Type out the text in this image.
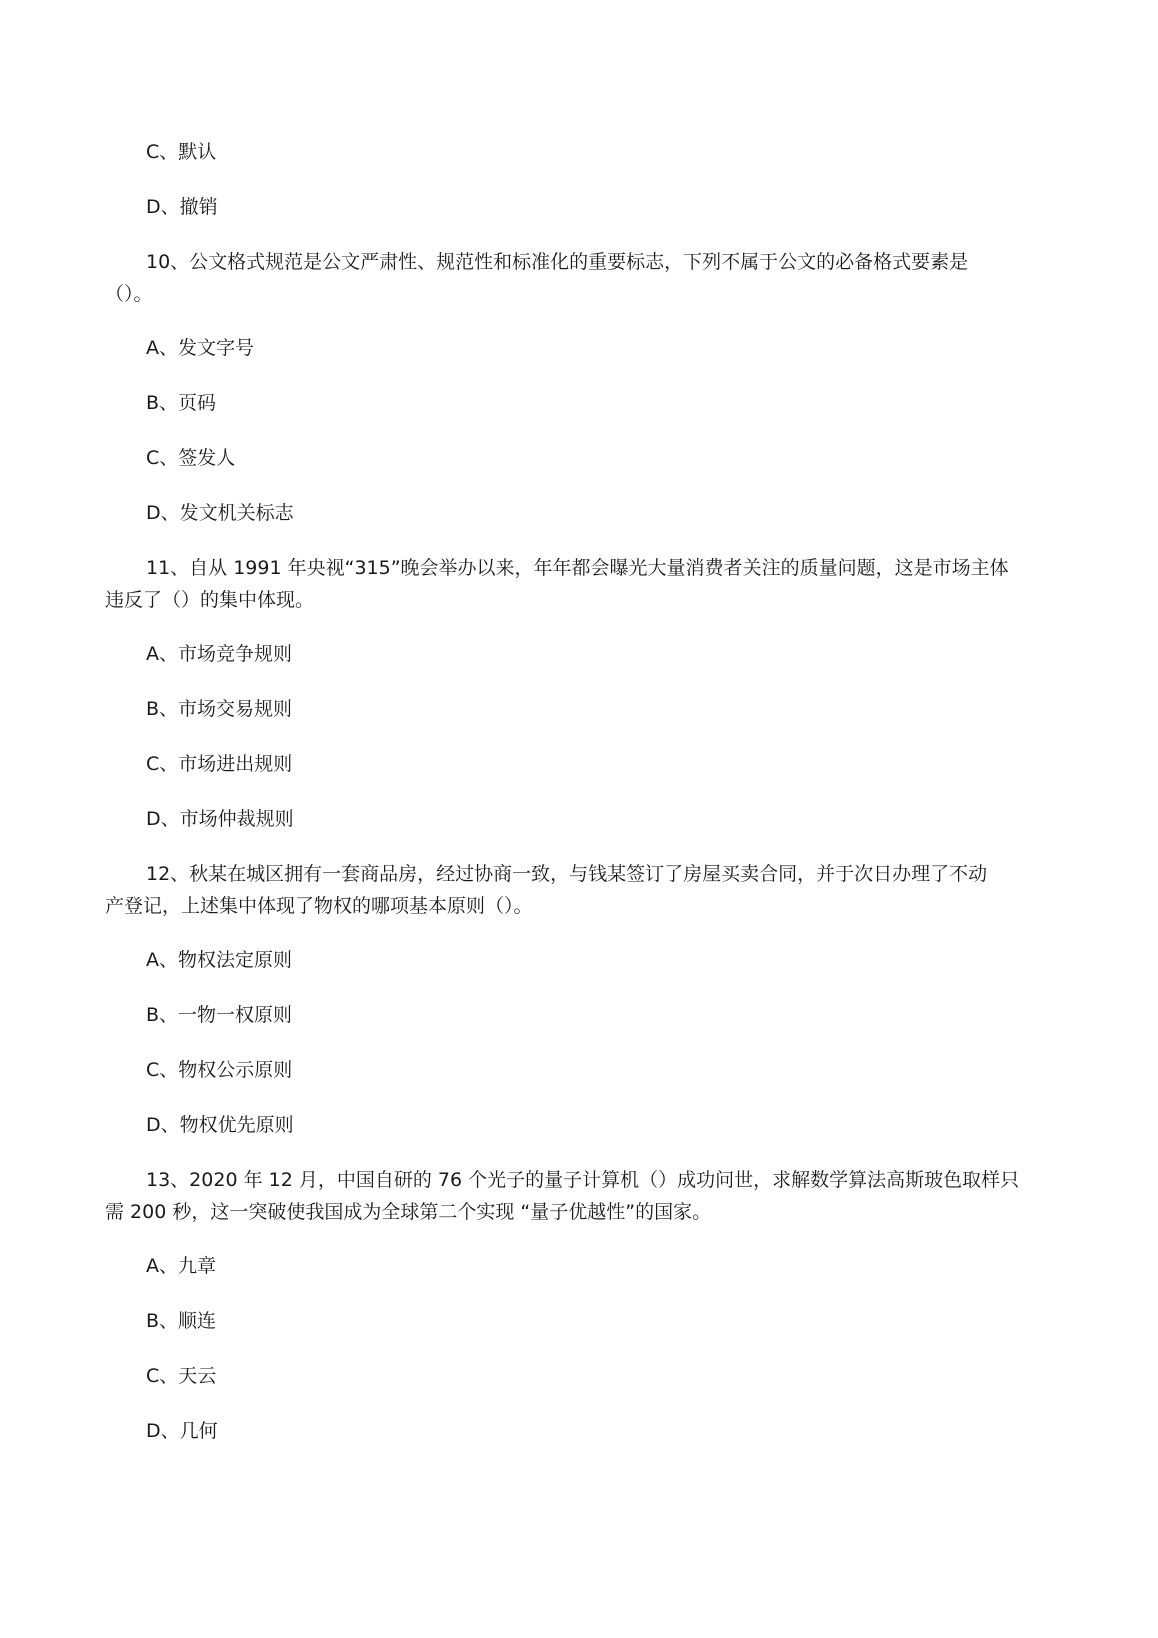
C、默认

D、撤销

10、公文格式规范是公文严肃性、规范性和标准化的重要标志，下列不属于公文的必备格式要素是

（）。

A、发文字号

B、页码

C、签发人

D、发文机关标志

11、自从 1991 年央视“315”晚会举办以来，年年都会曝光大量消费者关注的质量问题，这是市场主体

违反了（）的集中体现。

A、市场竞争规则

B、市场交易规则

C、市场进出规则

D、市场仲裁规则

12、秋某在城区拥有一套商品房，经过协商一致，与钱某签订了房屋买卖合同，并于次日办理了不动

产登记，上述集中体现了物权的哪项基本原则（）。

A、物权法定原则

B、一物一权原则

C、物权公示原则

D、物权优先原则

13、2020 年 12 月，中国自研的 76 个光子的量子计算机（）成功问世，求解数学算法高斯玻色取样只

需 200 秒，这一突破使我国成为全球第二个实现 “量子优越性”的国家。

A、九章

B、顺连

C、天云

D、几何
